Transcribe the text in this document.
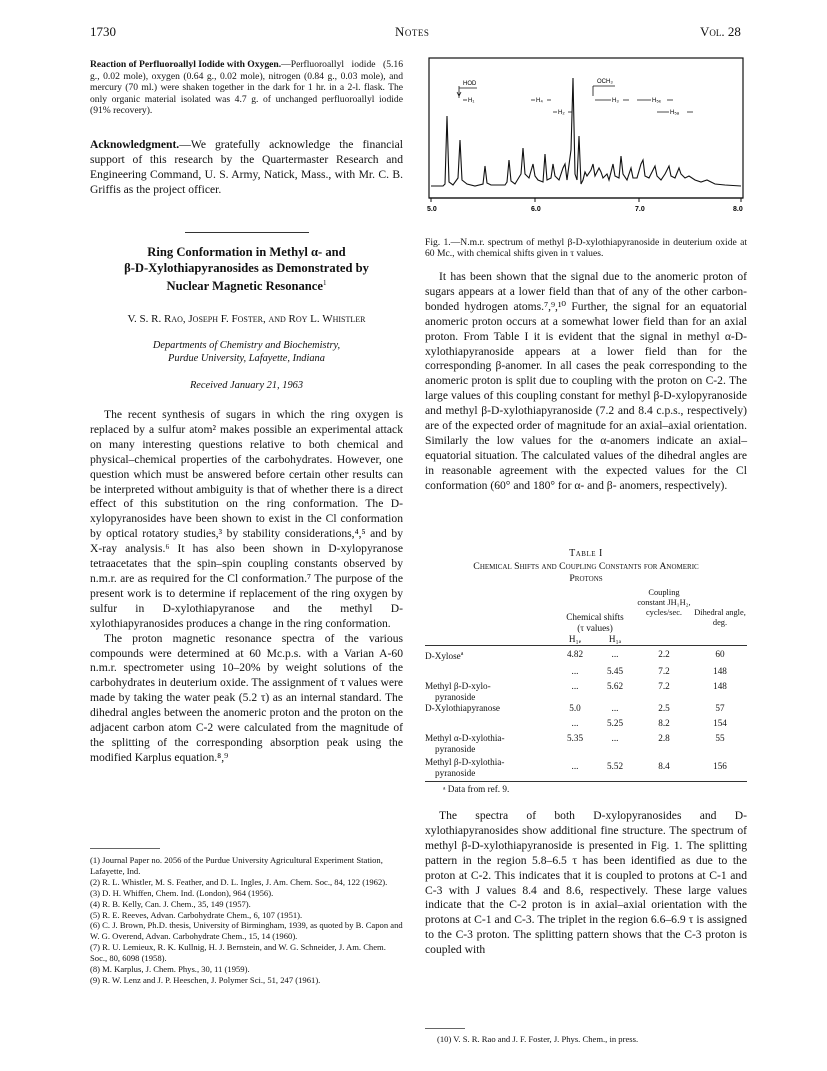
1730	Notes	Vol. 28
Reaction of Perfluoroallyl Iodide with Oxygen.—Perfluoroallyl iodide (5.16 g., 0.02 mole), oxygen (0.64 g., 0.02 mole), nitrogen (0.84 g., 0.03 mole), and mercury (70 ml.) were shaken together in the dark for 1 hr. in a 2-l. flask. The only organic material isolated was 4.7 g. of unchanged perfluoroallyl iodide (91% recovery).
Acknowledgment.—We gratefully acknowledge the financial support of this research by the Quartermaster Research and Engineering Command, U. S. Army, Natick, Mass., with Mr. C. B. Griffis as the project officer.
Ring Conformation in Methyl α- and
β-D-Xylothiapyranosides as Demonstrated by
Nuclear Magnetic Resonance$^1$
V. S. R. Rao, Joseph F. Foster, and Roy L. Whistler
Departments of Chemistry and Biochemistry,
Purdue University, Lafayette, Indiana
Received January 21, 1963

The recent synthesis of sugars in which the ring oxygen is replaced by a sulfur atom² makes possible an experimental attack on many interesting questions relative to both chemical and physical–chemical properties of the carbohydrates. However, one question which must be answered before certain other results can be interpreted without ambiguity is that of whether there is a direct effect of this substitution on the ring conformation. The D-xylopyranosides have been shown to exist in the Cl conformation by optical rotatory studies,³ by stability considerations,⁴,⁵ and by X-ray analysis.⁶ It has also been shown in D-xylopyranose tetraacetates that the spin–spin coupling constants observed by n.m.r. are as required for the Cl conformation.⁷ The purpose of the present work is to determine if replacement of the ring oxygen by sulfur in D-xylothiapyranose and the methyl D-xylothiapyranosides produces a change in the ring conformation.

The proton magnetic resonance spectra of the various compounds were determined at 60 Mc.p.s. with a Varian A-60 n.m.r. spectrometer using 10–20% by weight solutions of the carbohydrates in deuterium oxide. The assignment of τ values were made by taking the water peak (5.2 τ) as an internal standard. The dihedral angles between the anomeric proton and the proton on the adjacent carbon atom C-2 were calculated from the magnitude of the splitting of the corresponding absorption peak using the modified Karplus equation.⁸,⁹

(1) Journal Paper no. 2056 of the Purdue University Agricultural Experiment Station, Lafayette, Ind.

(2) R. L. Whistler, M. S. Feather, and D. L. Ingles, J. Am. Chem. Soc., 84, 122 (1962).

(3) D. H. Whiffen, Chem. Ind. (London), 964 (1956).

(4) R. B. Kelly, Can. J. Chem., 35, 149 (1957).

(5) R. E. Reeves, Advan. Carbohydrate Chem., 6, 107 (1951).

(6) C. J. Brown, Ph.D. thesis, University of Birmingham, 1939, as quoted by B. Capon and W. G. Overend, Advan. Carbohydrate Chem., 15, 14 (1960).

(7) R. U. Lemieux, R. K. Kullnig, H. J. Bernstein, and W. G. Schneider, J. Am. Chem. Soc., 80, 6098 (1958).

(8) M. Karplus, J. Chem. Phys., 30, 11 (1959).

(9) R. W. Lenz and J. P. Heeschen, J. Polymer Sci., 51, 247 (1961).

HOD
H₁
OCH₃
H₄
H₂
H₃	H₅ₑ
H₅ₐ
5.0	6.0	7.0	8.0
Fig. 1.—N.m.r. spectrum of methyl β-D-xylothiapyranoside in deuterium oxide at 60 Mc., with chemical shifts given in τ values.

It has been shown that the signal due to the anomeric proton of sugars appears at a lower field than that of any of the other carbon-bonded hydrogen atoms.⁷,⁹,¹⁰ Further, the signal for an equatorial anomeric proton occurs at a somewhat lower field than for an axial proton. From Table I it is evident that the signal in methyl α-D-xylothiapyranoside appears at a lower field than for the corresponding β-anomer. In all cases the peak corresponding to the anomeric proton is split due to coupling with the proton on C-2. The large values of this coupling constant for methyl β-D-xylopyranoside and methyl β-D-xylothiapyranoside (7.2 and 8.4 c.p.s., respectively) are of the expected order of magnitude for an axial–axial orientation. Similarly the low values for the α-anomers indicate an axial–equatorial situation. The calculated values of the dihedral angles are in reasonable agreement with the expected values for the Cl conformation (60° and 180° for α- and β- anomers, respectively).

Table I
Chemical Shifts and Coupling Constants for Anomeric
Protons

	Chemical shifts
(τ values)		Coupling constant JH₁H₂, cycles/sec.	Dihedral angle, deg.
	H₁ₑ	H₁ₐ		
D-Xylose$^a$	4.82	...	2.2	60
	...	5.45	7.2	148

Methyl β-D-xylo-
pyranoside	...	5.62	7.2	148
D-Xylothiapyranose	5.0	...	2.5	57
	...	5.25	8.2	154

Methyl α-D-xylothia-
pyranoside	5.35	...	2.8	55

Methyl β-D-xylothia-
pyranoside	...	5.52	8.4	156
ᵃ Data from ref. 9.

The spectra of both D-xylopyranosides and D-xylothiapyranosides show additional fine structure. The spectrum of methyl β-D-xylothiapyranoside is presented in Fig. 1. The splitting pattern in the region 5.8–6.5 τ has been identified as due to the proton at C-2. This indicates that it is coupled to protons at C-1 and C-3 with J values 8.4 and 8.6, respectively. These large values indicate that the C-2 proton is in axial–axial orientation with the protons at C-1 and C-3. The triplet in the region 6.6–6.9 τ is assigned to the C-3 proton. The splitting pattern shows that the C-3 proton is coupled with

(10) V. S. R. Rao and J. F. Foster, J. Phys. Chem., in press.
